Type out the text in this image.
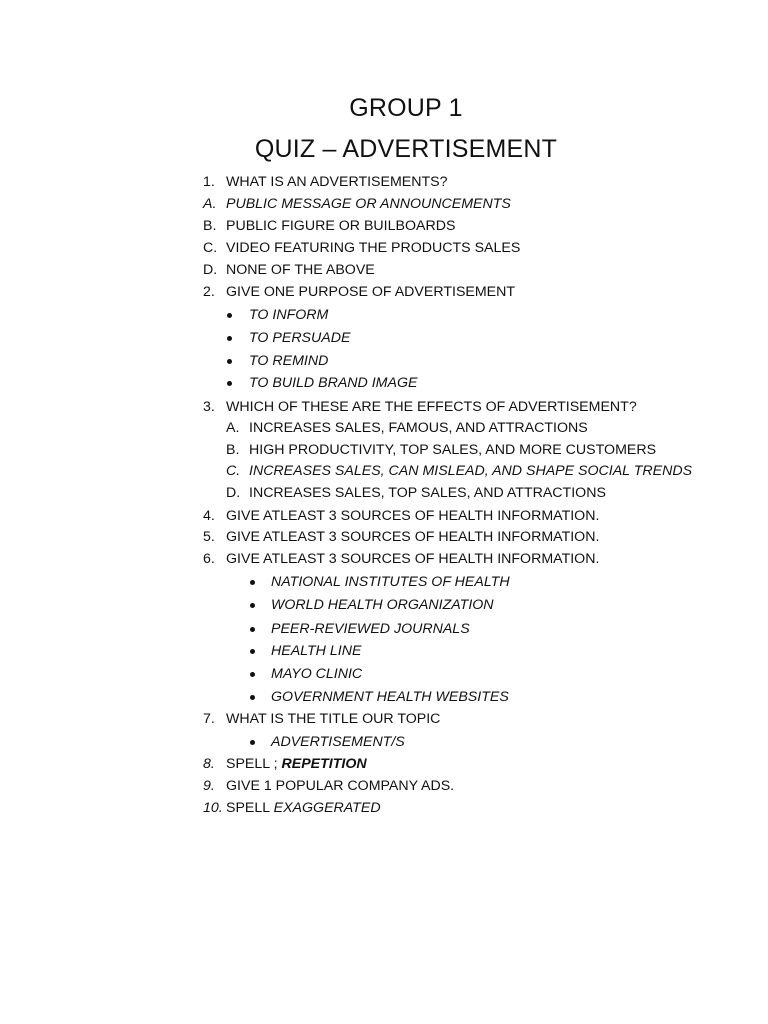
GROUP 1
QUIZ – ADVERTISEMENT
1. WHAT IS AN ADVERTISEMENTS?
A. PUBLIC MESSAGE OR ANNOUNCEMENTS
B. PUBLIC FIGURE OR BUILBOARDS
C. VIDEO FEATURING THE PRODUCTS SALES
D. NONE OF THE ABOVE
2. GIVE ONE PURPOSE OF ADVERTISEMENT
TO INFORM
TO PERSUADE
TO REMIND
TO BUILD BRAND IMAGE
3. WHICH OF THESE ARE THE EFFECTS OF ADVERTISEMENT?
A. INCREASES SALES, FAMOUS, AND ATTRACTIONS
B. HIGH PRODUCTIVITY, TOP SALES, AND MORE CUSTOMERS
C. INCREASES SALES, CAN MISLEAD, AND SHAPE SOCIAL TRENDS
D. INCREASES SALES, TOP SALES, AND ATTRACTIONS
4. GIVE ATLEAST 3 SOURCES OF HEALTH INFORMATION.
5. GIVE ATLEAST 3 SOURCES OF HEALTH INFORMATION.
6. GIVE ATLEAST 3 SOURCES OF HEALTH INFORMATION.
NATIONAL INSTITUTES OF HEALTH
WORLD HEALTH ORGANIZATION
PEER-REVIEWED JOURNALS
HEALTH LINE
MAYO CLINIC
GOVERNMENT HEALTH WEBSITES
7. WHAT IS THE TITLE OUR TOPIC
ADVERTISEMENT/S
8. SPELL ; REPETITION
9. GIVE 1 POPULAR COMPANY ADS.
10. SPELL EXAGGERATED
